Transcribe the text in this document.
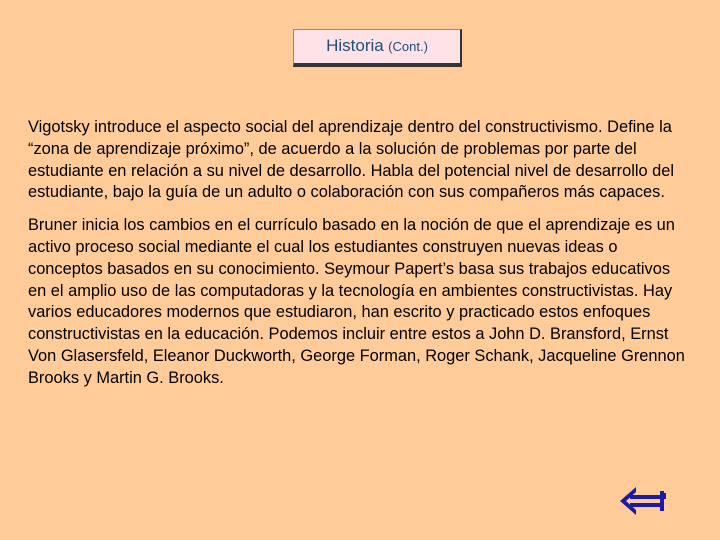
Historia (Cont.)

Vigotsky introduce el aspecto social del aprendizaje dentro del constructivismo. Define la “zona de aprendizaje próximo”, de acuerdo a la solución de problemas por parte del estudiante en relación a su nivel de desarrollo. Habla del potencial nivel de desarrollo del estudiante, bajo la guía de un adulto o colaboración con sus compañeros más capaces.

Bruner inicia los cambios en el currículo basado en la noción de que el aprendizaje es un activo proceso social mediante el cual los estudiantes construyen nuevas ideas o conceptos basados en su conocimiento. Seymour Papert’s basa sus trabajos educativos en el amplio uso de las computadoras y la tecnología en ambientes constructivistas. Hay varios educadores modernos que estudiaron, han escrito y practicado estos enfoques constructivistas en la educación. Podemos incluir entre estos a John D. Bransford, Ernst Von Glasersfeld, Eleanor Duckworth, George Forman, Roger Schank, Jacqueline Grennon Brooks y Martin G. Brooks.
